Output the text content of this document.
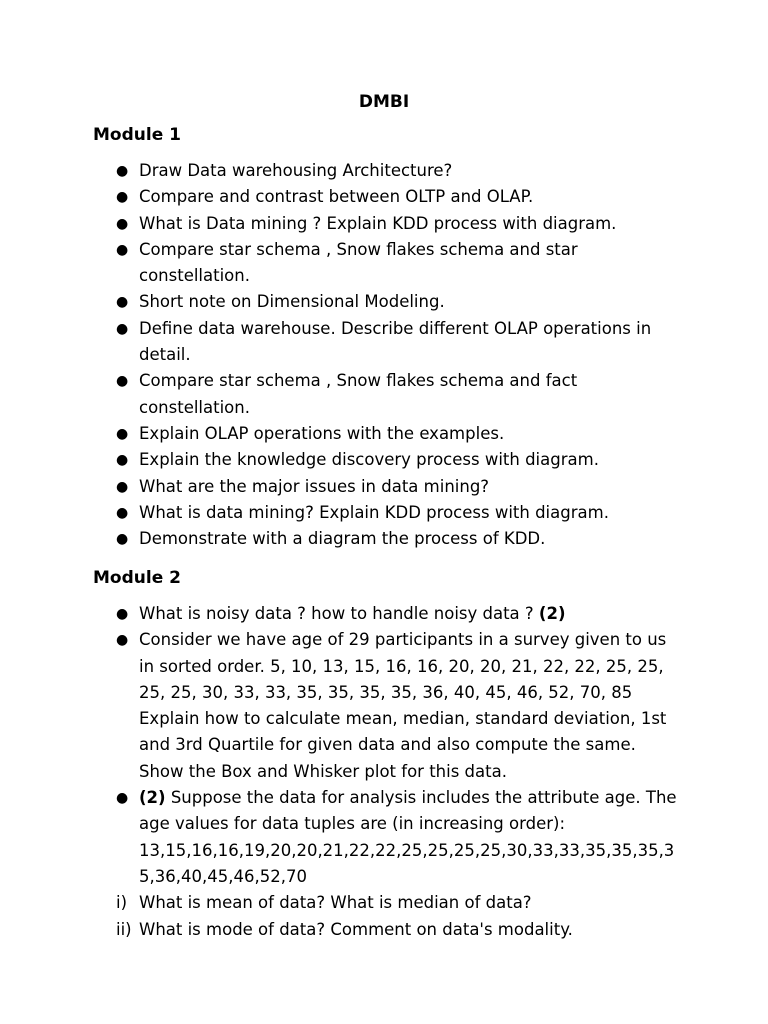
DMBI
Module 1
● Draw Data warehousing Architecture?
● Compare and contrast between OLTP and OLAP.
● What is Data mining ? Explain KDD process with diagram.
● Compare star schema , Snow flakes schema and star constellation.
● Short note on Dimensional Modeling.
● Define data warehouse. Describe different OLAP operations in detail.
● Compare star schema , Snow flakes schema and fact constellation.
● Explain OLAP operations with the examples.
● Explain the knowledge discovery process with diagram.
● What are the major issues in data mining?
● What is data mining? Explain KDD process with diagram.
● Demonstrate with a diagram the process of KDD.
Module 2
● What is noisy data ? how to handle noisy data ? (2)
● Consider we have age of 29 participants in a survey given to us in sorted order. 5, 10, 13, 15, 16, 16, 20, 20, 21, 22, 22, 25, 25, 25, 25, 30, 33, 33, 35, 35, 35, 35, 36, 40, 45, 46, 52, 70, 85
Explain how to calculate mean, median, standard deviation, 1st and 3rd Quartile for given data and also compute the same. Show the Box and Whisker plot for this data.
● (2) Suppose the data for analysis includes the attribute age. The age values for data tuples are (in increasing order):
13,15,16,16,19,20,20,21,22,22,25,25,25,25,30,33,33,35,35,35,35,36,40,45,46,52,70
i) What is mean of data? What is median of data?
ii) What is mode of data? Comment on data's modality.
